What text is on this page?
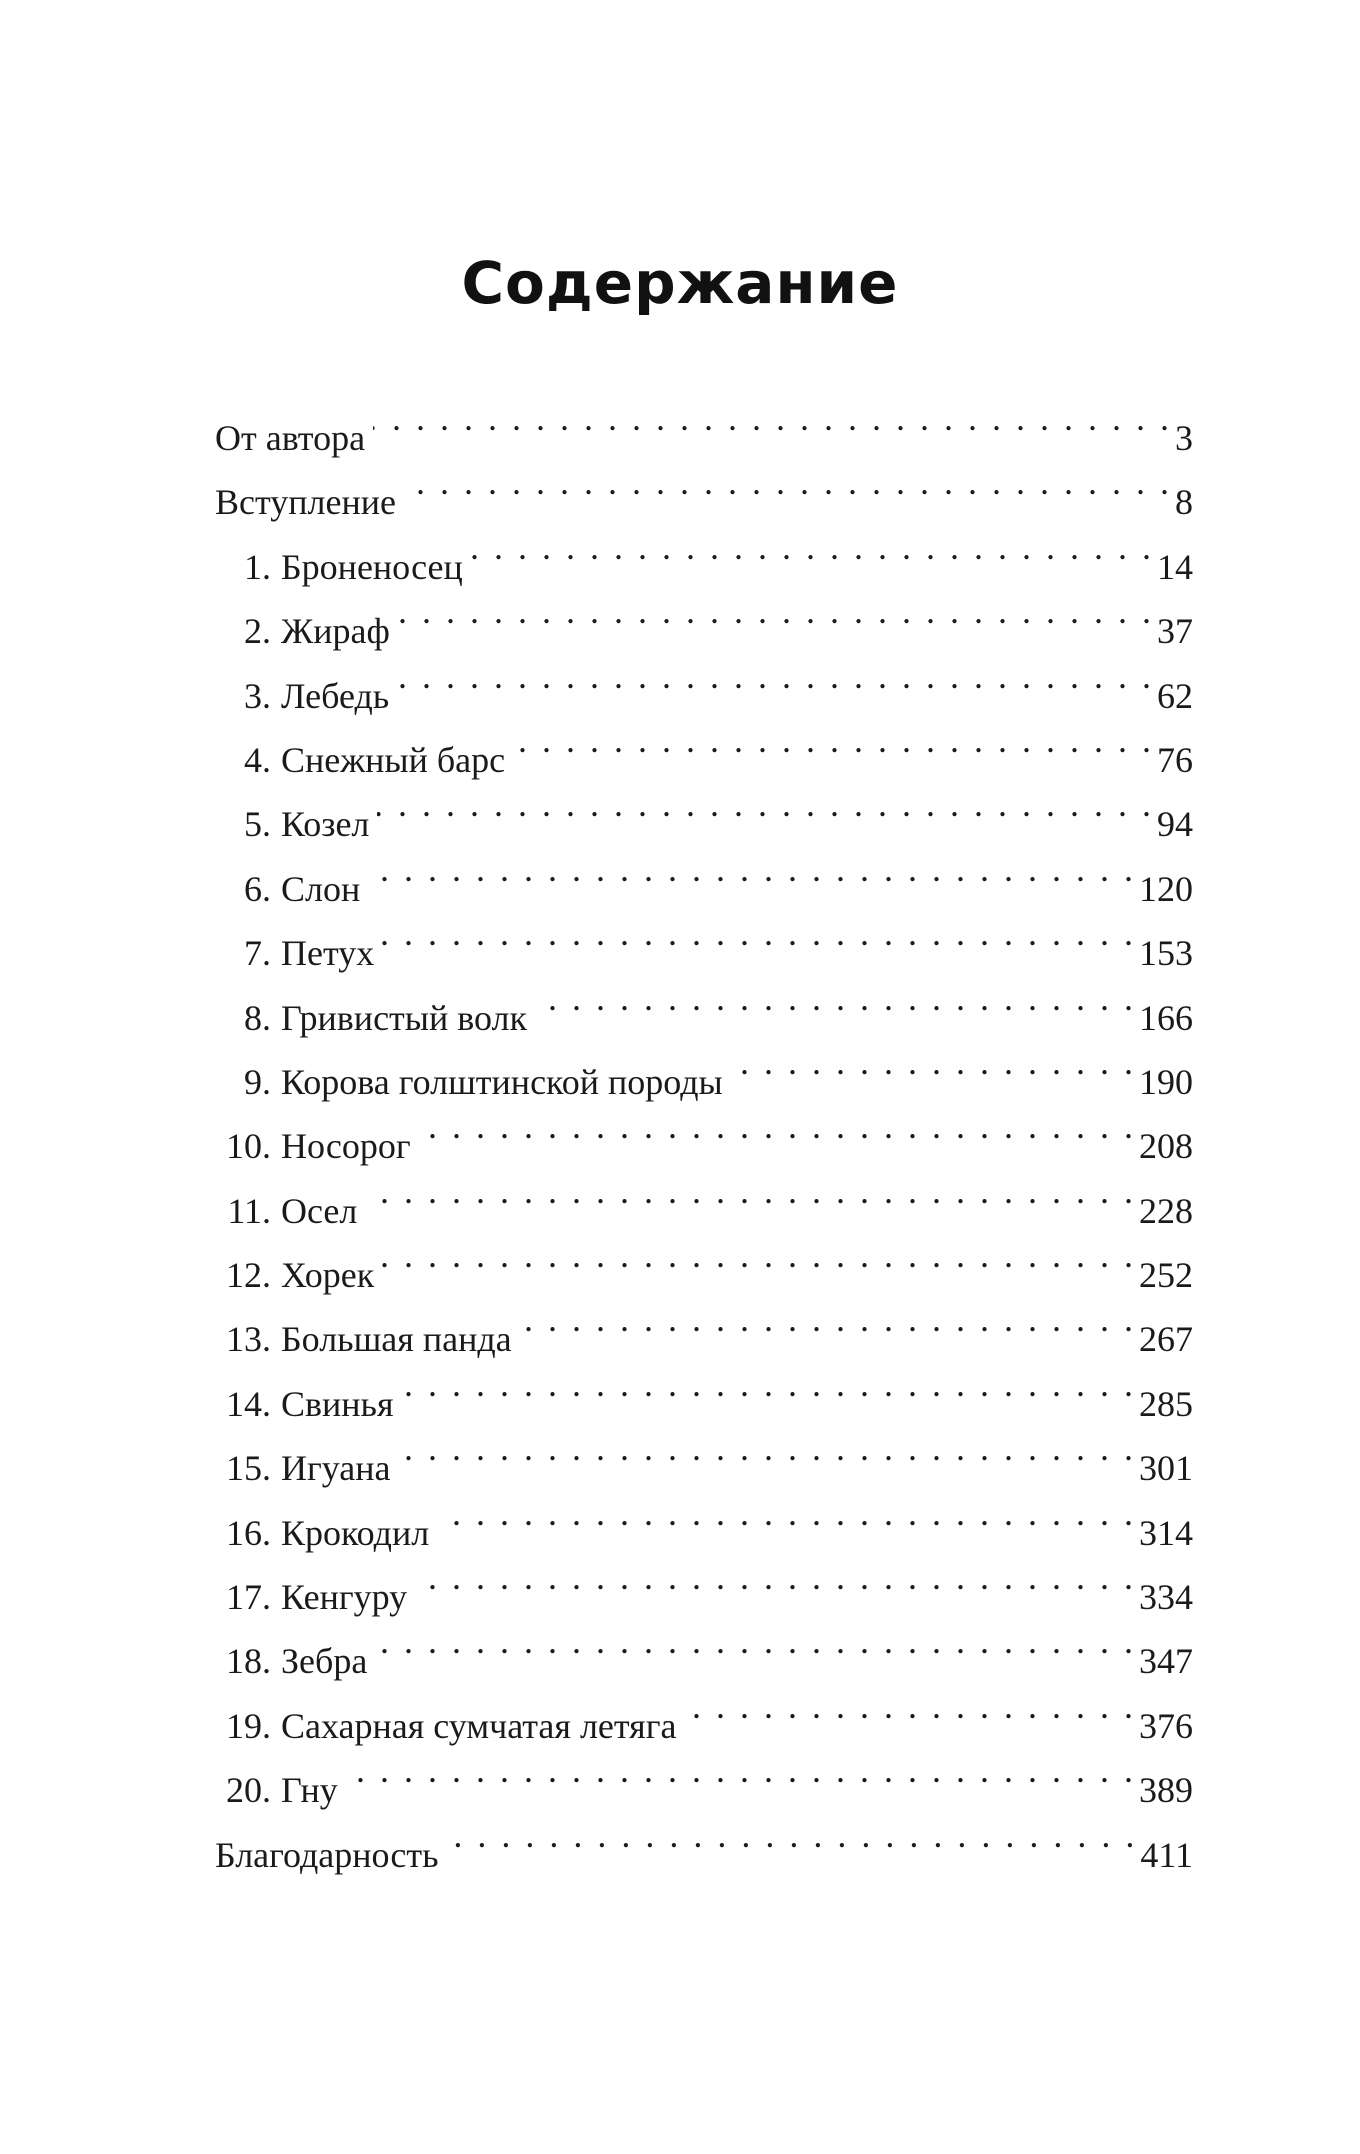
Содержание
От автора . . .	3
Вступление . . .	8
1. Броненосец . . .	14
2. Жираф . . .	37
3. Лебедь . . .	62
4. Снежный барс . . .	76
5. Козел . . .	94
6. Слон . . .	120
7. Петух . . .	153
8. Гривистый волк . . .	166
9. Корова голштинской породы . . .	190
10. Носорог . . .	208
11. Осел . . .	228
12. Хорек . . .	252
13. Большая панда . . .	267
14. Свинья . . .	285
15. Игуана . . .	301
16. Крокодил . . .	314
17. Кенгуру . . .	334
18. Зебра . . .	347
19. Сахарная сумчатая летяга . . .	376
20. Гну . . .	389
Благодарность . . .	411
